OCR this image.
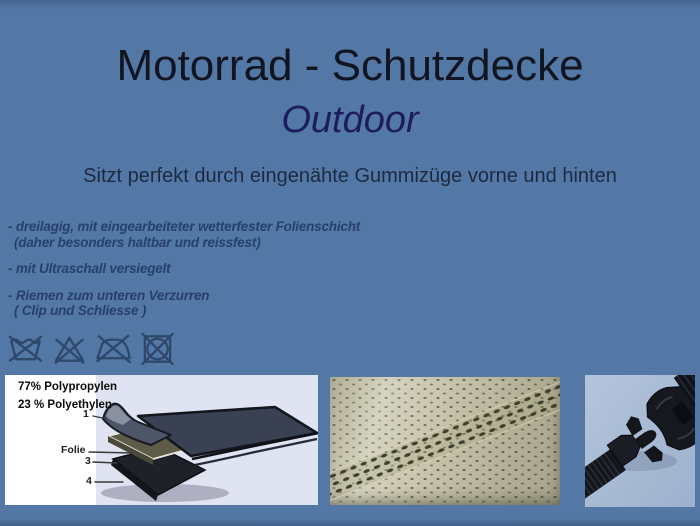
Motorrad - Schutzdecke
Outdoor
Sitzt perfekt durch eingenähte Gummizüge vorne und hinten
- dreilagig, mit eingearbeiteter wetterfester Folienschicht
(daher besonders haltbar und reissfest)
- mit Ultraschall versiegelt
- Riemen zum unteren Verzurren
( Clip und Schliesse )
77% Polypropylen
23 % Polyethylen
1
Folie
3
4
